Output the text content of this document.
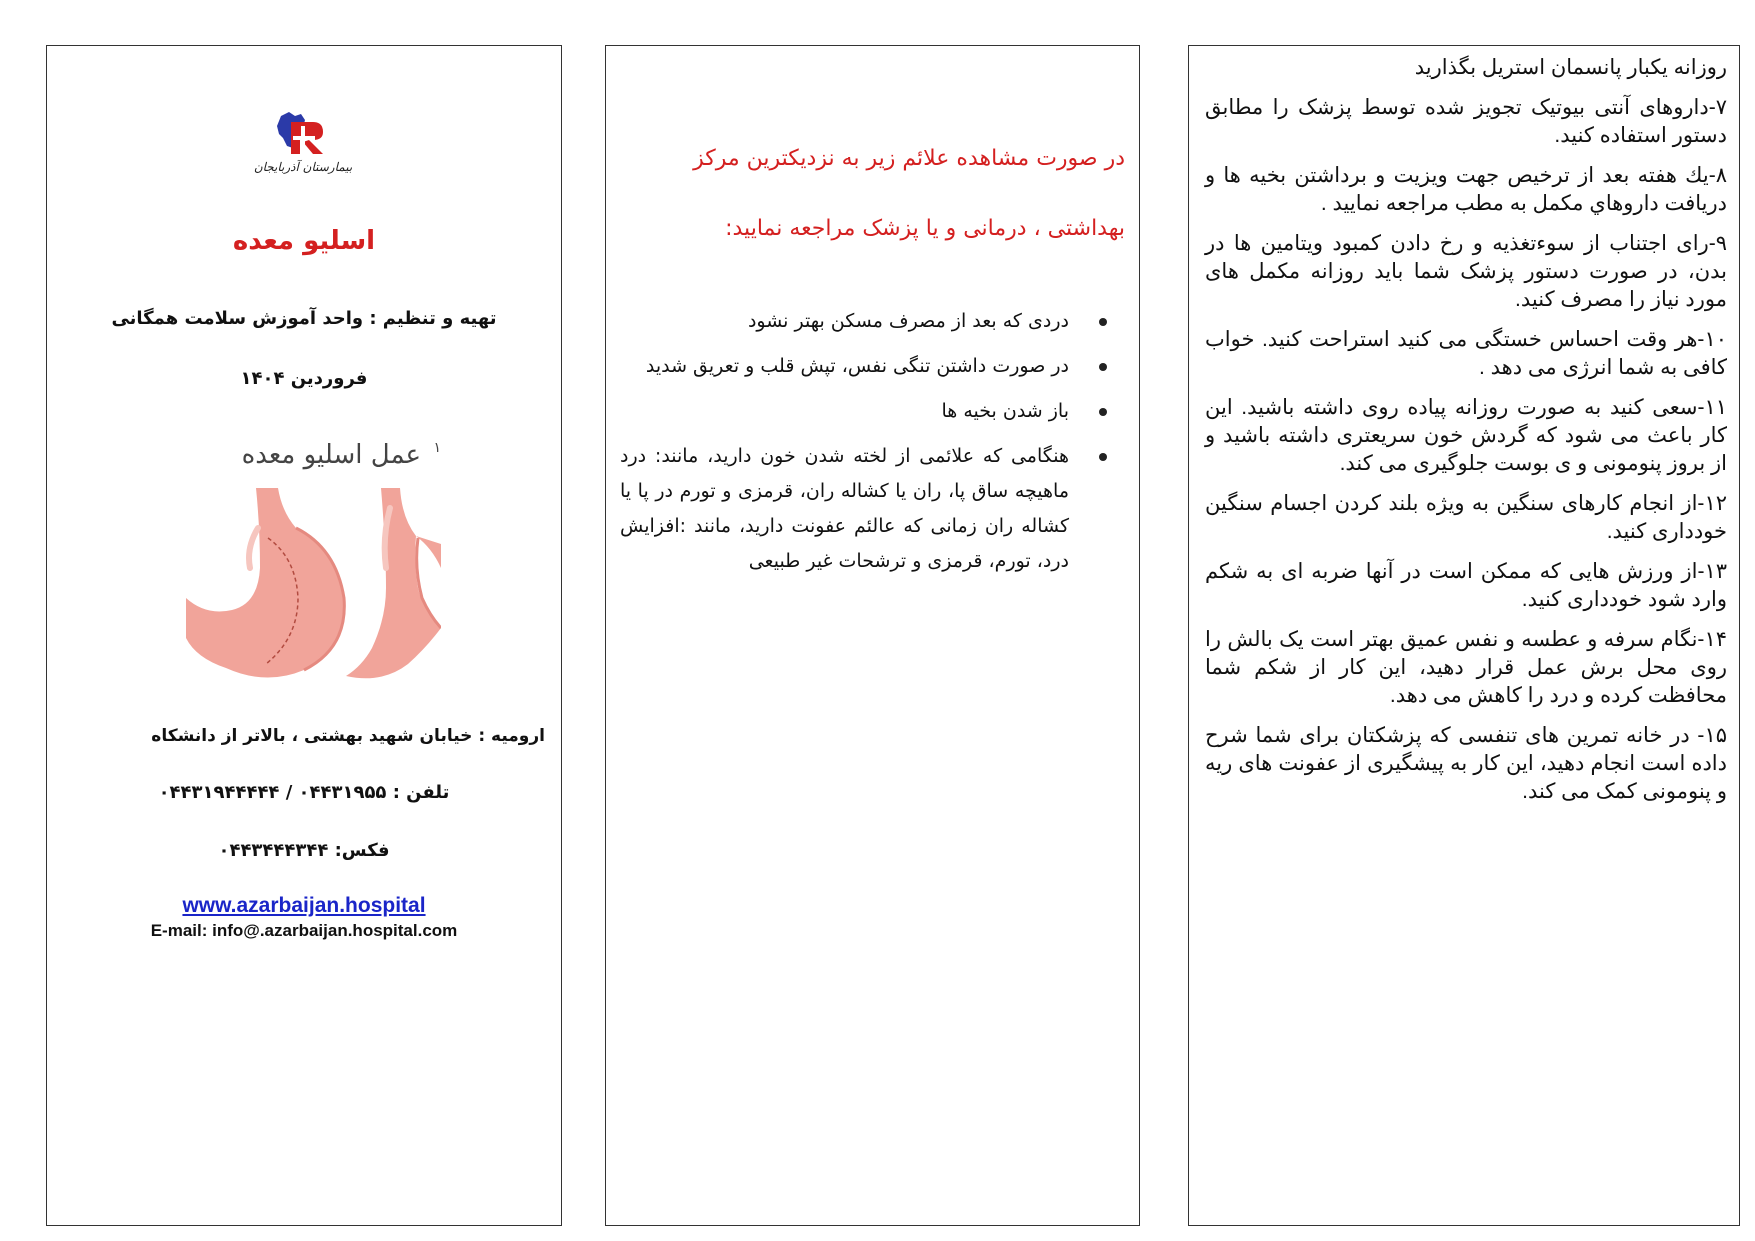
بیمارستان آذربایجان
اسلیو معده
تهیه و تنظیم : واحد آموزش سلامت همگانی
فروردین ۱۴۰۴
عمل اسلیو معده ۱
ارومیه : خیابان شهید بهشتی ، بالاتر از دانشکاه
تلفن : ۰۴۴۳۱۹۵۵ / ۰۴۴۳۱۹۴۴۴۴۴
فکس: ۰۴۴۳۴۴۴۳۴۴
www.azarbaijan.hospital
E-mail: info@.azarbaijan.hospital.com
در صورت مشاهده علائم زیر به نزدیکترین مرکز
بهداشتی ، درمانی و یا پزشک مراجعه نمایید:
دردی که بعد از مصرف مسکن بهتر نشود
در صورت داشتن تنگی نفس، تپش قلب و تعریق شدید
باز شدن بخیه ها
هنگامی که علائمی از لخته شدن خون دارید، مانند: درد ماهیچه ساق پا، ران یا کشاله ران، قرمزی و تورم در پا یا کشاله ران زمانی که عالئم عفونت دارید، مانند :افزایش درد، تورم، قرمزی و ترشحات غیر طبیعی

روزانه یکبار پانسمان استریل بگذارید

۷-داروهای آنتی بیوتیک تجویز شده توسط پزشک را مطابق دستور استفاده کنید.

۸-يك هفته بعد از ترخیص جهت ویزیت و برداشتن بخیه ها و دریافت داروهاي مکمل به مطب مراجعه نمایید .

۹-رای اجتناب از سوءتغذیه و رخ دادن کمبود ویتامین ها در بدن، در صورت دستور پزشک شما باید روزانه مکمل های مورد نیاز را مصرف کنید.

۱۰-هر وقت احساس خستگی می کنید استراحت کنید. خواب کافی به شما انرژی می دهد .

۱۱-سعی کنید به صورت روزانه پیاده روی داشته باشید. این کار باعث می شود که گردش خون سریعتری داشته باشید و از بروز پنومونی و ی بوست جلوگیری می کند.

۱۲-از انجام کارهای سنگین به ویژه بلند کردن اجسام سنگین خودداری کنید.

۱۳-از ورزش هایی که ممکن است در آنها ضربه ای به شکم وارد شود خودداری کنید.

۱۴-نگام سرفه و عطسه و نفس عمیق بهتر است یک بالش را روی محل برش عمل قرار دهید، این کار از شکم شما محافظت کرده و درد را کاهش می دهد.

۱۵- در خانه تمرین های تنفسی که پزشکتان برای شما شرح داده است انجام دهید، این کار به پیشگیری از عفونت های ریه و پنومونی کمک می کند.
